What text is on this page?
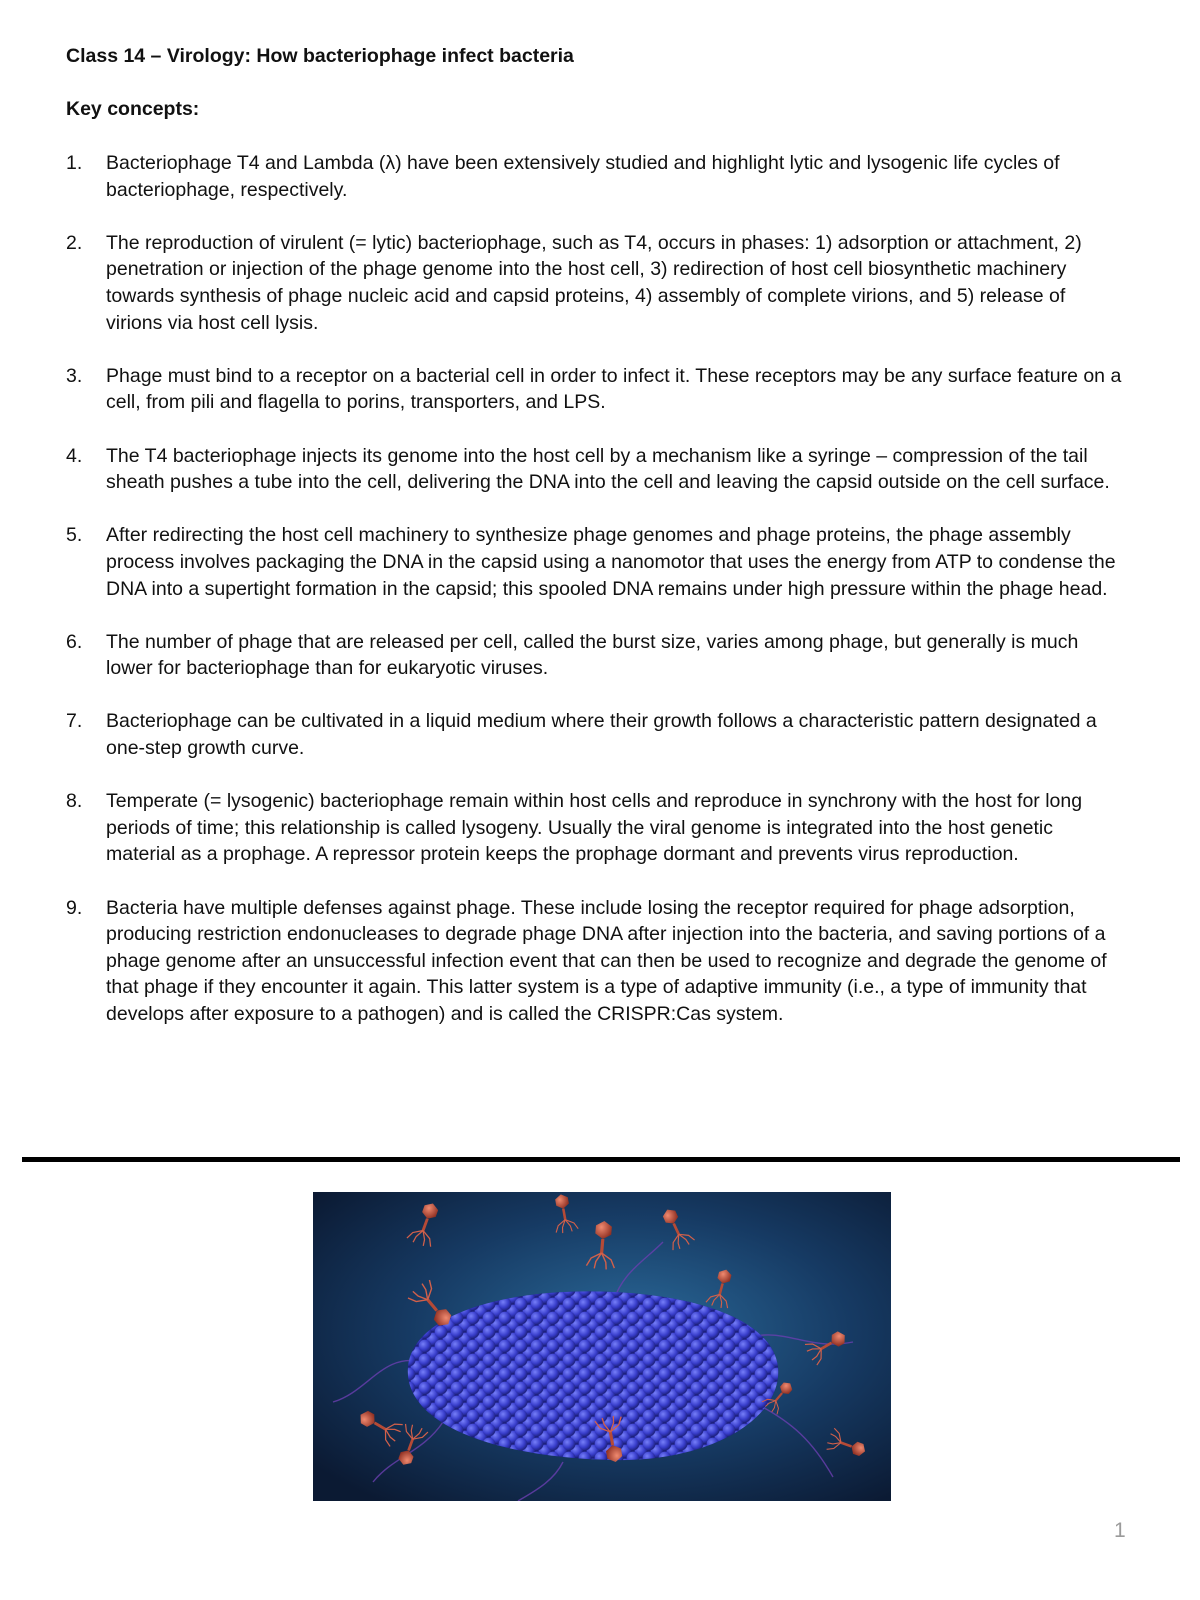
Class 14 – Virology: How bacteriophage infect bacteria
Key concepts:
1.	Bacteriophage T4 and Lambda (λ) have been extensively studied and highlight lytic and lysogenic life cycles of bacteriophage, respectively.
2.	The reproduction of virulent (= lytic) bacteriophage, such as T4, occurs in phases: 1) adsorption or attachment, 2) penetration or injection of the phage genome into the host cell, 3) redirection of host cell biosynthetic machinery towards synthesis of phage nucleic acid and capsid proteins, 4) assembly of complete virions, and 5) release of virions via host cell lysis.
3.	Phage must bind to a receptor on a bacterial cell in order to infect it. These receptors may be any surface feature on a cell, from pili and flagella to porins, transporters, and LPS.
4.	The T4 bacteriophage injects its genome into the host cell by a mechanism like a syringe – compression of the tail sheath pushes a tube into the cell, delivering the DNA into the cell and leaving the capsid outside on the cell surface.
5.	After redirecting the host cell machinery to synthesize phage genomes and phage proteins, the phage assembly process involves packaging the DNA in the capsid using a nanomotor that uses the energy from ATP to condense the DNA into a supertight formation in the capsid; this spooled DNA remains under high pressure within the phage head.
6.	The number of phage that are released per cell, called the burst size, varies among phage, but generally is much lower for bacteriophage than for eukaryotic viruses.
7.	Bacteriophage can be cultivated in a liquid medium where their growth follows a characteristic pattern designated a one-step growth curve.
8.	Temperate (= lysogenic) bacteriophage remain within host cells and reproduce in synchrony with the host for long periods of time; this relationship is called lysogeny. Usually the viral genome is integrated into the host genetic material as a prophage. A repressor protein keeps the prophage dormant and prevents virus reproduction.
9.	Bacteria have multiple defenses against phage. These include losing the receptor required for phage adsorption, producing restriction endonucleases to degrade phage DNA after injection into the bacteria, and saving portions of a phage genome after an unsuccessful infection event that can then be used to recognize and degrade the genome of that phage if they encounter it again. This latter system is a type of adaptive immunity (i.e., a type of immunity that develops after exposure to a pathogen) and is called the CRISPR:Cas system.
1
